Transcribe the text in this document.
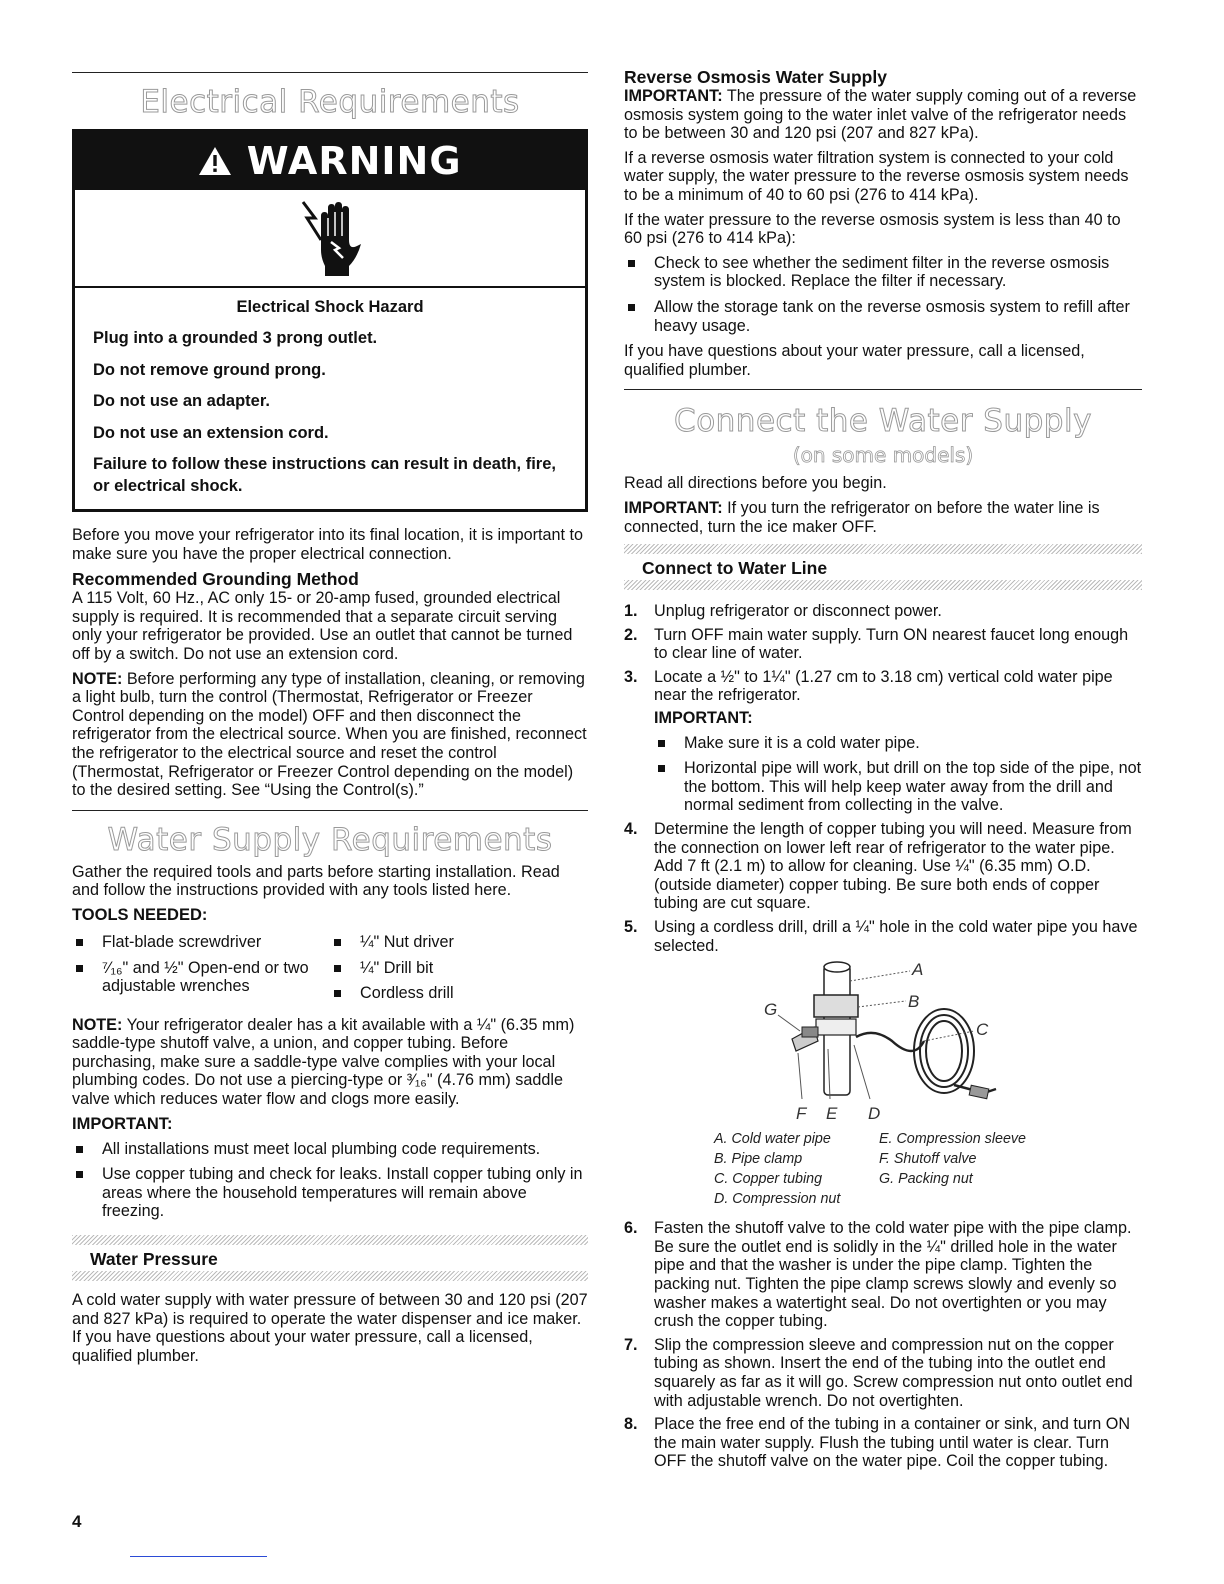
Electrical Requirements
WARNING

Electrical Shock Hazard

Plug into a grounded 3 prong outlet.

Do not remove ground prong.

Do not use an adapter.

Do not use an extension cord.

Failure to follow these instructions can result in death, fire, or electrical shock.

Before you move your refrigerator into its final location, it is important to make sure you have the proper electrical connection.

Recommended Grounding Method

A 115 Volt, 60 Hz., AC only 15- or 20-amp fused, grounded electrical supply is required. It is recommended that a separate circuit serving only your refrigerator be provided. Use an outlet that cannot be turned off by a switch. Do not use an extension cord.

NOTE: Before performing any type of installation, cleaning, or removing a light bulb, turn the control (Thermostat, Refrigerator or Freezer Control depending on the model) OFF and then disconnect the refrigerator from the electrical source. When you are finished, reconnect the refrigerator to the electrical source and reset the control (Thermostat, Refrigerator or Freezer Control depending on the model) to the desired setting. See “Using the Control(s).”

Water Supply Requirements

Gather the required tools and parts before starting installation. Read and follow the instructions provided with any tools listed here.

TOOLS NEEDED:
Flat-blade screwdriver
⁷⁄₁₆" and ½" Open-end or two adjustable wrenches
¼" Nut driver
¼" Drill bit
Cordless drill

NOTE: Your refrigerator dealer has a kit available with a ¼" (6.35 mm) saddle-type shutoff valve, a union, and copper tubing. Before purchasing, make sure a saddle-type valve complies with your local plumbing codes. Do not use a piercing-type or ³⁄₁₆" (4.76 mm) saddle valve which reduces water flow and clogs more easily.

IMPORTANT:
All installations must meet local plumbing code requirements.
Use copper tubing and check for leaks. Install copper tubing only in areas where the household temperatures will remain above freezing.
Water Pressure

A cold water supply with water pressure of between 30 and 120 psi (207 and 827 kPa) is required to operate the water dispenser and ice maker. If you have questions about your water pressure, call a licensed, qualified plumber.

Reverse Osmosis Water Supply

IMPORTANT: The pressure of the water supply coming out of a reverse osmosis system going to the water inlet valve of the refrigerator needs to be between 30 and 120 psi (207 and 827 kPa).

If a reverse osmosis water filtration system is connected to your cold water supply, the water pressure to the reverse osmosis system needs to be a minimum of 40 to 60 psi (276 to 414 kPa).

If the water pressure to the reverse osmosis system is less than 40 to 60 psi (276 to 414 kPa):

Check to see whether the sediment filter in the reverse osmosis system is blocked. Replace the filter if necessary.
Allow the storage tank on the reverse osmosis system to refill after heavy usage.

If you have questions about your water pressure, call a licensed, qualified plumber.

Connect the Water Supply
(on some models)

Read all directions before you begin.

IMPORTANT: If you turn the refrigerator on before the water line is connected, turn the ice maker OFF.

Connect to Water Line
1. Unplug refrigerator or disconnect power.
2. Turn OFF main water supply. Turn ON nearest faucet long enough to clear line of water.
3. Locate a ½" to 1¼" (1.27 cm to 3.18 cm) vertical cold water pipe near the refrigerator.
IMPORTANT:
Make sure it is a cold water pipe.
Horizontal pipe will work, but drill on the top side of the pipe, not the bottom. This will help keep water away from the drill and normal sediment from collecting in the valve.
4. Determine the length of copper tubing you will need. Measure from the connection on lower left rear of refrigerator to the water pipe. Add 7 ft (2.1 m) to allow for cleaning. Use ¼" (6.35 mm) O.D. (outside diameter) copper tubing. Be sure both ends of copper tubing are cut square.
5. Using a cordless drill, drill a ¼" hole in the cold water pipe you have selected.
A
B
C
G
F E D
A. Cold water pipe
B. Pipe clamp
C. Copper tubing
D. Compression nut
E. Compression sleeve
F. Shutoff valve
G. Packing nut
6. Fasten the shutoff valve to the cold water pipe with the pipe clamp. Be sure the outlet end is solidly in the ¼" drilled hole in the water pipe and that the washer is under the pipe clamp. Tighten the packing nut. Tighten the pipe clamp screws slowly and evenly so washer makes a watertight seal. Do not overtighten or you may crush the copper tubing.
7. Slip the compression sleeve and compression nut on the copper tubing as shown. Insert the end of the tubing into the outlet end squarely as far as it will go. Screw compression nut onto outlet end with adjustable wrench. Do not overtighten.
8. Place the free end of the tubing in a container or sink, and turn ON the main water supply. Flush the tubing until water is clear. Turn OFF the shutoff valve on the water pipe. Coil the copper tubing.
4
